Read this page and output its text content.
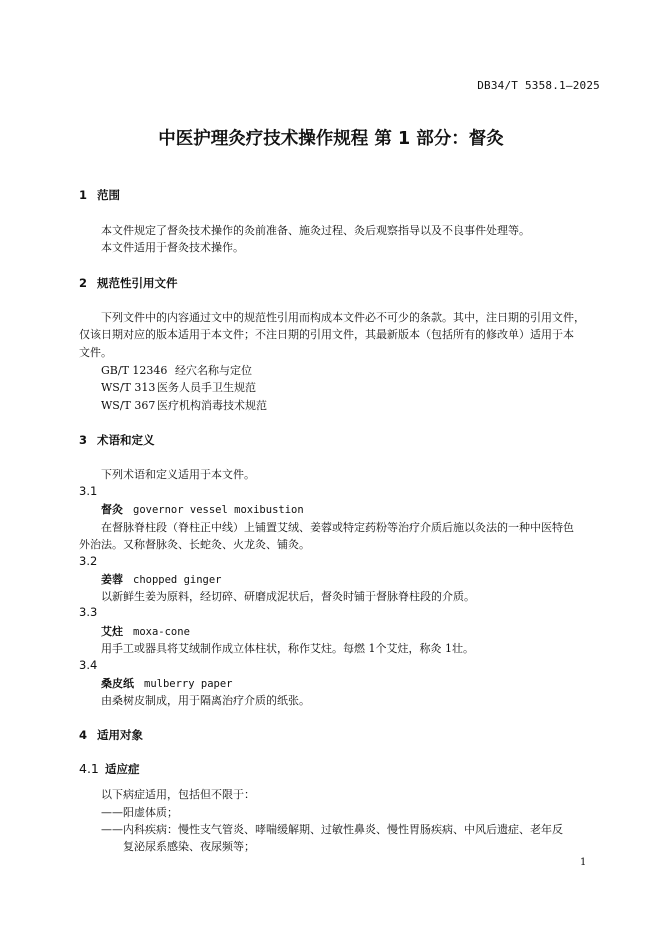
DB34/T 5358.1—2025
中医护理灸疗技术操作规程 第 1 部分：督灸
1 范围
本文件规定了督灸技术操作的灸前准备、施灸过程、灸后观察指导以及不良事件处理等。
本文件适用于督灸技术操作。
2 规范性引用文件
下列文件中的内容通过文中的规范性引用而构成本文件必不可少的条款。其中，注日期的引用文件，
仅该日期对应的版本适用于本文件；不注日期的引用文件，其最新版本（包括所有的修改单）适用于本
文件。
GB/T 12346 经穴名称与定位
WS/T 313 医务人员手卫生规范
WS/T 367 医疗机构消毒技术规范
3 术语和定义
下列术语和定义适用于本文件。
3.1
督灸 governor vessel moxibustion
在督脉脊柱段（脊柱正中线）上铺置艾绒、姜蓉或特定药粉等治疗介质后施以灸法的一种中医特色
外治法。又称督脉灸、长蛇灸、火龙灸、铺灸。
3.2
姜蓉 chopped ginger
以新鲜生姜为原料，经切碎、研磨成泥状后，督灸时铺于督脉脊柱段的介质。
3.3
艾炷 moxa-cone
用手工或器具将艾绒制作成立体柱状，称作艾炷。每燃 1个艾炷，称灸 1壮。
3.4
桑皮纸 mulberry paper
由桑树皮制成，用于隔离治疗介质的纸张。
4 适用对象
4.1 适应症
以下病症适用，包括但不限于：
——阳虚体质；
——内科疾病：慢性支气管炎、哮喘缓解期、过敏性鼻炎、慢性胃肠疾病、中风后遗症、老年反
复泌尿系感染、夜尿频等；
1
